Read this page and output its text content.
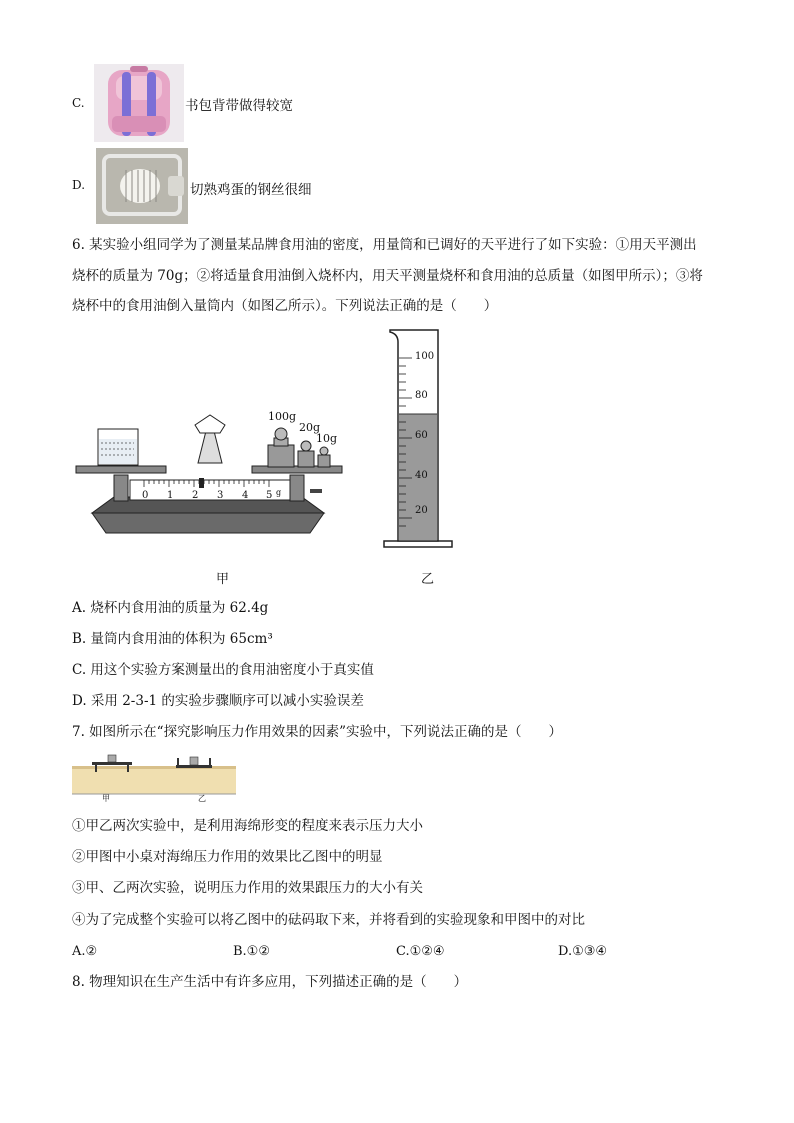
C.	书包背带做得较宽
D.	切熟鸡蛋的钢丝很细
6. 某实验小组同学为了测量某品牌食用油的密度，用量筒和已调好的天平进行了如下实验：①用天平测出
烧杯的质量为 70g；②将适量食用油倒入烧杯内，用天平测量烧杯和食用油的总质量（如图甲所示）；③将
烧杯中的食用油倒入量筒内（如图乙所示）。下列说法正确的是（　　）
100g
20g
10g
0 1 2 3 4 5 g
甲
100
80
60
40
20
乙
A. 烧杯内食用油的质量为 62.4g
B. 量筒内食用油的体积为 65cm³
C. 用这个实验方案测量出的食用油密度小于真实值
D. 采用 2-3-1 的实验步骤顺序可以减小实验误差
7. 如图所示在“探究影响压力作用效果的因素”实验中，下列说法正确的是（　　）
甲	乙
①甲乙两次实验中，是利用海绵形变的程度来表示压力大小
②甲图中小桌对海绵压力作用的效果比乙图中的明显
③甲、乙两次实验，说明压力作用的效果跟压力的大小有关
④为了完成整个实验可以将乙图中的砝码取下来，并将看到的实验现象和甲图中的对比
A.②	B.①②	C.①②④	D.①③④
8. 物理知识在生产生活中有许多应用，下列描述正确的是（　　）
